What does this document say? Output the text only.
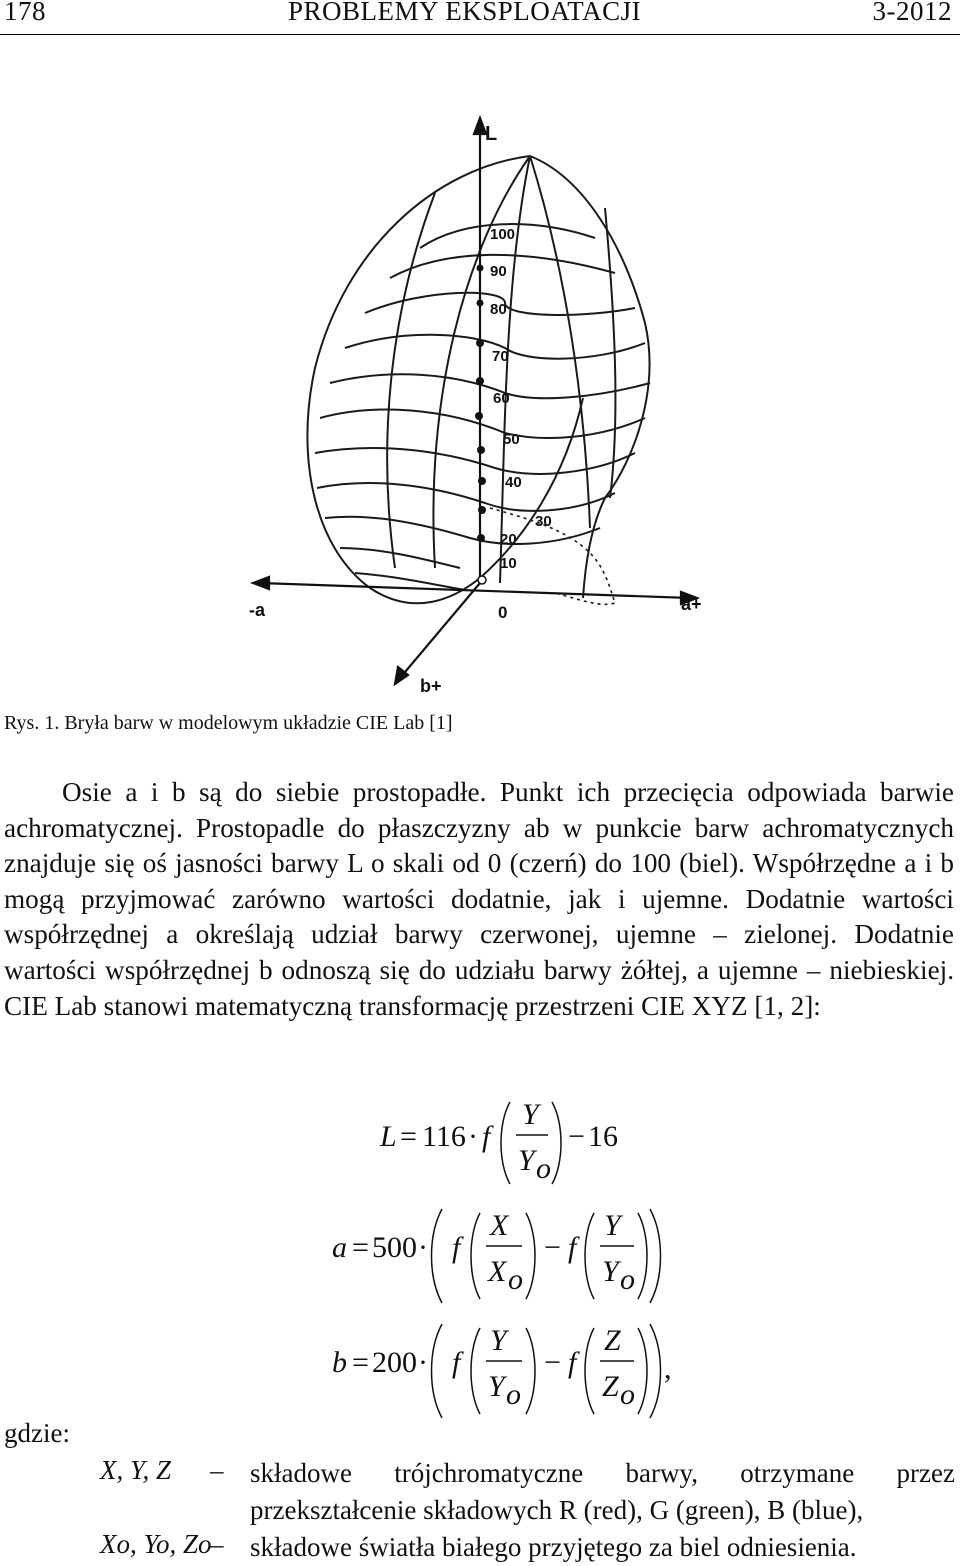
178	PROBLEMY EKSPLOATACJI	3-2012
L
-a	a+
b+
0
100
90
80
70
60
50
40
30
20
10
Rys. 1. Bryła barw w modelowym układzie CIE Lab [1]

Osie a i b są do siebie prostopadłe. Punkt ich przecięcia odpowiada barwie achromatycznej. Prostopadle do płaszczyzny ab w punkcie barw achromatycznych znajduje się oś jasności barwy L o skali od 0 (czerń) do 100 (biel). Współrzędne a i b mogą przyjmować zarówno wartości dodatnie, jak i ujemne. Dodatnie wartości współrzędnej a określają udział barwy czerwonej, ujemne – zielonej. Dodatnie wartości współrzędnej b odnoszą się do udziału barwy żółtej, a ujemne – niebieskiej. CIE Lab stanowi matematyczną transformację przestrzeni CIE XYZ [1, 2]:

L = 116 · f
Y
Y o
− 16
a = 500 · f
X
X o
− f
Y
Y o
b = 200 · f
Y
Y o
− f
Z
Z o
,
gdzie:
X, Y, Z – składowe trójchromatyczne barwy, otrzymane przez przekształcenie składowych R (red), G (green), B (blue),
Xo, Yo, Zo
– składowe światła białego przyjętego za biel odniesienia.
